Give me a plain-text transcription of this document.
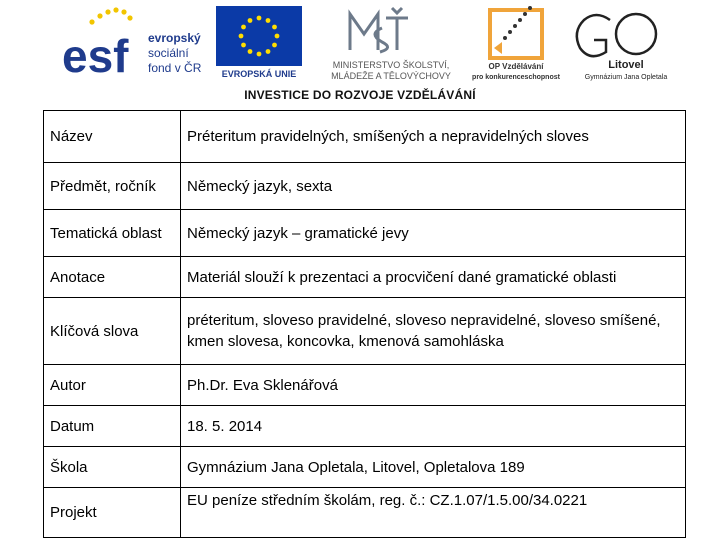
esf evropský
sociální
fond v ČR EVROPSKÁ UNIE
MINISTERSTVO ŠKOLSTVÍ,
MLÁDEŽE A TĚLOVÝCHOVY
OP Vzdělávání
pro konkurenceschopnost
Litovel
Gymnázium Jana Opletala
INVESTICE DO ROZVOJE VZDĚLÁVÁNÍ
Název	Préteritum pravidelných, smíšených a nepravidelných sloves
Předmět, ročník	Německý jazyk, sexta
Tematická oblast	Německý jazyk – gramatické jevy
Anotace	Materiál slouží k prezentaci a procvičení dané gramatické oblasti
Klíčová slova	préteritum, sloveso pravidelné, sloveso nepravidelné, sloveso smíšené, kmen slovesa, koncovka, kmenová samohláska
Autor	Ph.Dr. Eva Sklenářová
Datum	18. 5. 2014
Škola	Gymnázium Jana Opletala, Litovel, Opletalova 189
Projekt	EU peníze středním školám, reg. č.: CZ.1.07/1.5.00/34.0221
